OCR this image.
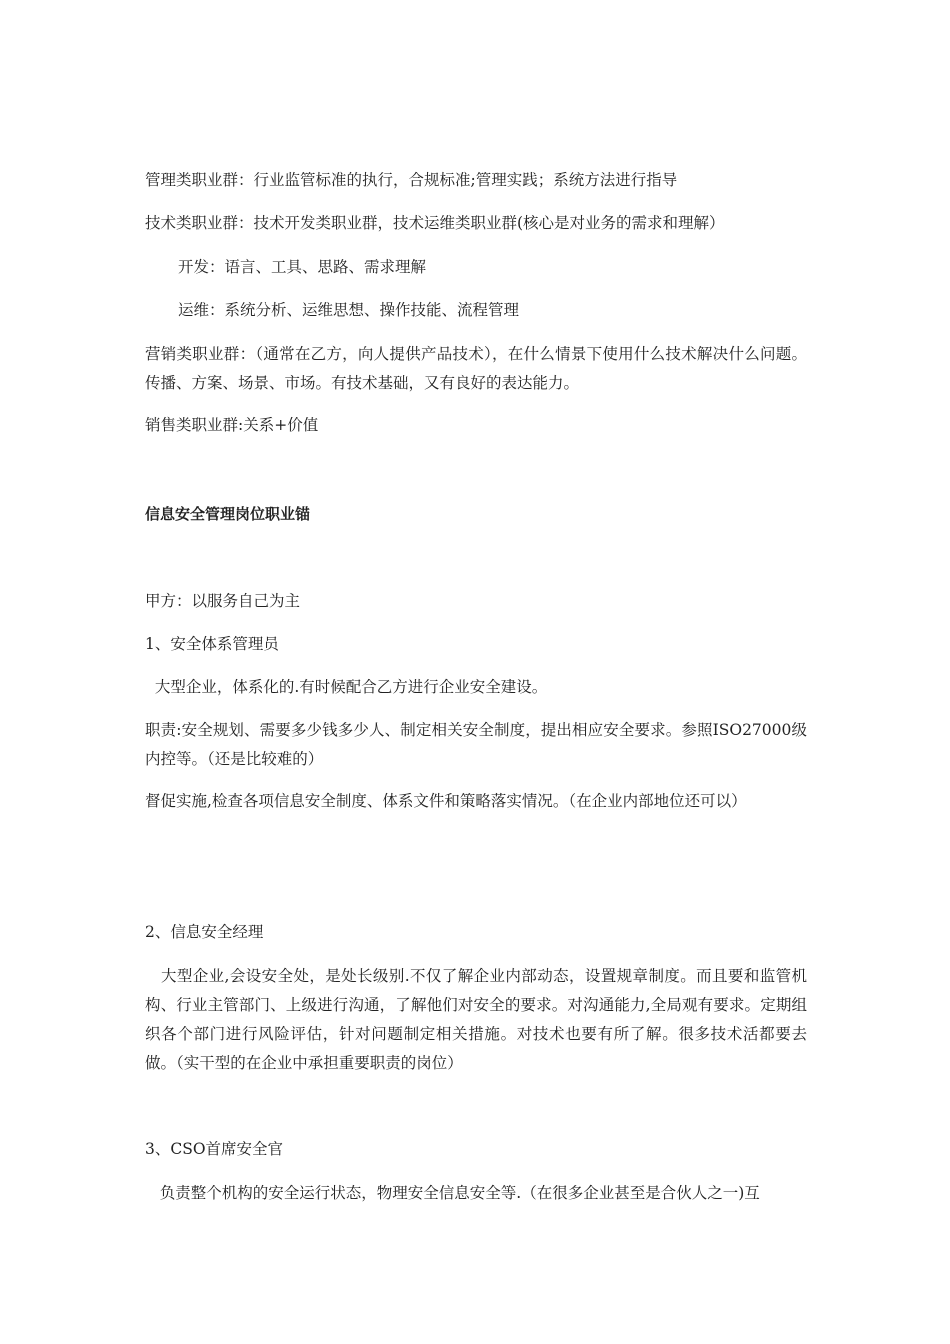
管理类职业群：行业监管标准的执行，合规标准;管理实践；系统方法进行指导
技术类职业群：技术开发类职业群，技术运维类职业群(核心是对业务的需求和理解）
开发：语言、工具、思路、需求理解
运维：系统分析、运维思想、操作技能、流程管理
营销类职业群：（通常在乙方，向人提供产品技术），在什么情景下使用什么技术解决什么问题。传播、方案、场景、市场。有技术基础，又有良好的表达能力。
销售类职业群:关系+价值
信息安全管理岗位职业锚
甲方：以服务自己为主
1、安全体系管理员
大型企业，体系化的.有时候配合乙方进行企业安全建设。
职责:安全规划、需要多少钱多少人、制定相关安全制度，提出相应安全要求。参照ISO27000级内控等。（还是比较难的）
督促实施,检查各项信息安全制度、体系文件和策略落实情况。（在企业内部地位还可以）
2、信息安全经理
大型企业,会设安全处，是处长级别.不仅了解企业内部动态，设置规章制度。而且要和监管机构、行业主管部门、上级进行沟通，了解他们对安全的要求。对沟通能力,全局观有要求。定期组织各个部门进行风险评估，针对问题制定相关措施。对技术也要有所了解。很多技术活都要去做。（实干型的在企业中承担重要职责的岗位）
3、CSO首席安全官
负责整个机构的安全运行状态，物理安全信息安全等.（在很多企业甚至是合伙人之一)互
